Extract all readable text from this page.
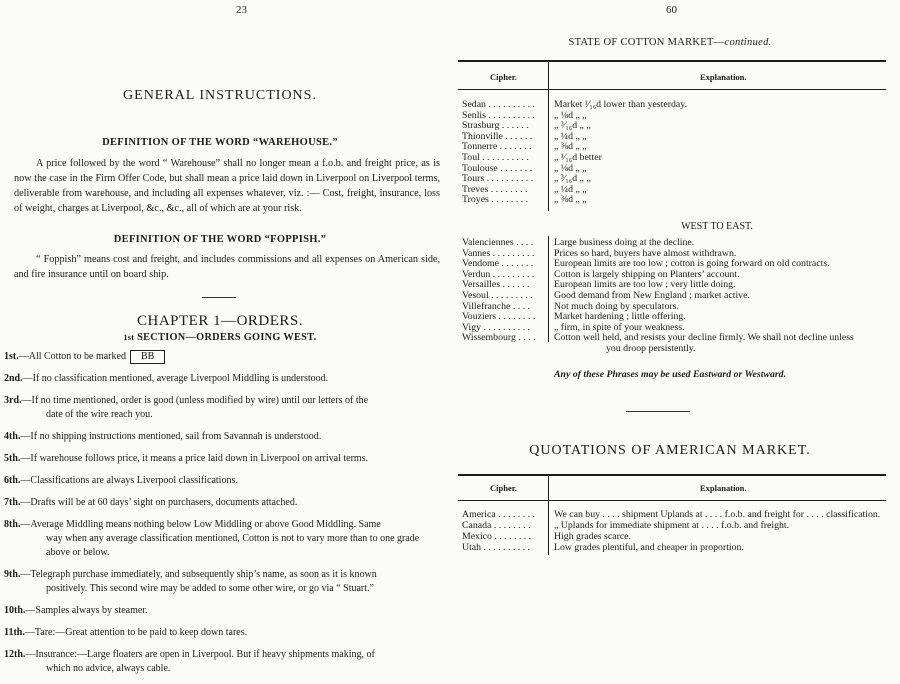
23
GENERAL INSTRUCTIONS.
DEFINITION OF THE WORD “WAREHOUSE.”

A price followed by the word “ Warehouse” shall no longer mean a f.o.b. and freight price, as is now the case in the Firm Offer Code, but shall mean a price laid down in Liverpool on Liverpool terms, deliverable from warehouse, and including all expenses whatever, viz. :— Cost, freight, insurance, loss of weight, charges at Liverpool, &c., &c., all of which are at your risk.

DEFINITION OF THE WORD “FOPPISH.”

“ Foppish” means cost and freight, and includes commissions and all expenses on American side, and fire insurance until on board ship.

CHAPTER 1—ORDERS.
1st SECTION—ORDERS GOING WEST.
1st.—All Cotton to be marked BB
2nd.—If no classification mentioned, average Liverpool Middling is understood.
3rd.—If no time mentioned, order is good (unless modified by wire) until our letters of the
date of the wire reach you.
4th.—If no shipping instructions mentioned, sail from Savannah is understood.
5th.—If warehouse follows price, it means a price laid down in Liverpool on arrival terms.
6th.—Classifications are always Liverpool classifications.
7th.—Drafts will be at 60 days’ sight on purchasers, documents attached.
8th.—Average Middling means nothing below Low Middling or above Good Middling. Same
way when any average classification mentioned, Cotton is not to vary more than to one grade above or below.
9th.—Telegraph purchase immediately, and subsequently ship’s name, as soon as it is known
positively. This second wire may be added to some other wire, or go via “ Stuart.”
10th.—Samples always by steamer.
11th.—Tare:—Great attention to be paid to keep down tares.
12th.—Insurance:—Large floaters are open in Liverpool. But if heavy shipments making, of
which no advice, always cable.
60
STATE OF COTTON MARKET—continued.
Cipher.	Explanation.
Sedan . . . . . . . . . .	Market ¹⁄₁₆d lower than yesterday.
Senlis . . . . . . . . . .	„ ⅛d „ „
Strasburg . . . . . .	„ ³⁄₁₆d „ „
Thionville . . . . . .	„ ¼d „ „
Tonnerre . . . . . . .	„ ⅜d „ „
Toul . . . . . . . . . .	„ ¹⁄₁₆d better
Toulouse . . . . . . .	„ ⅛d „ „
Tours . . . . . . . . . .	„ ³⁄₁₆d „ „
Treves . . . . . . . .	„ ¼d „ „
Troyes . . . . . . . .	„ ⅜d „ „
WEST TO EAST.
Valenciennes . . . .	Large business doing at the decline.
Vannes . . . . . . . . .	Prices so hard, buyers have almost withdrawn.
Vendome . . . . . . .	European limits are too low ; cotton is going forward on old contracts.
Verdun . . . . . . . . .	Cotton is largely shipping on Planters’ account.
Versailles . . . . . .	European limits are too low ; very little doing.
Vesoul . . . . . . . . .	Good demand from New England ; market active.
Villefranche . . . .	Not much doing by speculators.
Vouziers . . . . . . . .	Market hardening ; little offering.
Vigy . . . . . . . . . .	„ firm, in spite of your weakness.
Wissembourg . . . .	Cotton well held, and resists your decline firmly. We shall not decline unless
you droop persistently.
Any of these Phrases may be used Eastward or Westward.
QUOTATIONS OF AMERICAN MARKET.
Cipher.	Explanation.
America . . . . . . . .	We can buy . . . . shipment Uplands at . . . . f.o.b. and freight for . . . . classification.
Canada . . . . . . . .	„ Uplands for immediate shipment at . . . . f.o.b. and freight.
Mexico . . . . . . . .	High grades scarce.
Utah . . . . . . . . . .	Low grades plentiful, and cheaper in proportion.
